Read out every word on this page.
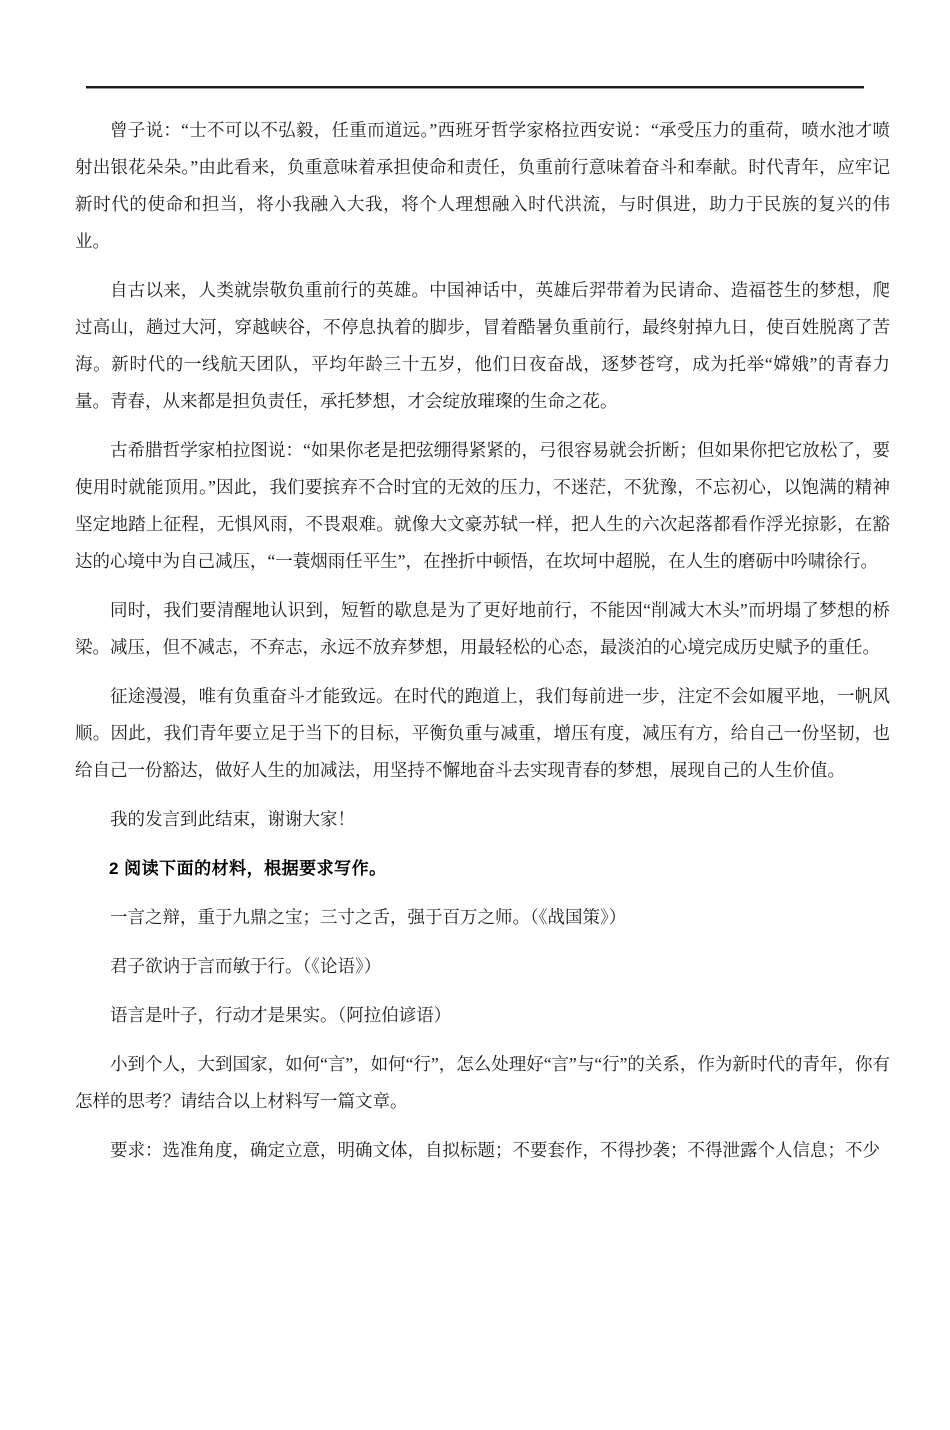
曾子说：“士不可以不弘毅，任重而道远。”西班牙哲学家格拉西安说：“承受压力的重荷，喷水池才喷射出银花朵朵。”由此看来，负重意味着承担使命和责任，负重前行意味着奋斗和奉献。时代青年，应牢记新时代的使命和担当，将小我融入大我，将个人理想融入时代洪流，与时俱进，助力于民族的复兴的伟业。

自古以来，人类就崇敬负重前行的英雄。中国神话中，英雄后羿带着为民请命、造福苍生的梦想，爬过高山，趟过大河，穿越峡谷，不停息执着的脚步，冒着酷暑负重前行，最终射掉九日，使百姓脱离了苦海。新时代的一线航天团队，平均年龄三十五岁，他们日夜奋战，逐梦苍穹，成为托举“嫦娥”的青春力量。青春，从来都是担负责任，承托梦想，才会绽放璀璨的生命之花。

古希腊哲学家柏拉图说：“如果你老是把弦绷得紧紧的，弓很容易就会折断；但如果你把它放松了，要使用时就能顶用。”因此，我们要摈弃不合时宜的无效的压力，不迷茫，不犹豫，不忘初心，以饱满的精神坚定地踏上征程，无惧风雨，不畏艰难。就像大文豪苏轼一样，把人生的六次起落都看作浮光掠影，在豁达的心境中为自己减压，“一蓑烟雨任平生”，在挫折中顿悟，在坎坷中超脱，在人生的磨砺中吟啸徐行。

同时，我们要清醒地认识到，短暂的歇息是为了更好地前行，不能因“削减大木头”而坍塌了梦想的桥梁。减压，但不减志，不弃志，永远不放弃梦想，用最轻松的心态，最淡泊的心境完成历史赋予的重任。

征途漫漫，唯有负重奋斗才能致远。在时代的跑道上，我们每前进一步，注定不会如履平地，一帆风顺。因此，我们青年要立足于当下的目标，平衡负重与减重，增压有度，减压有方，给自己一份坚韧，也给自己一份豁达，做好人生的加减法，用坚持不懈地奋斗去实现青春的梦想，展现自己的人生价值。

我的发言到此结束，谢谢大家！

2 阅读下面的材料，根据要求写作。

一言之辩，重于九鼎之宝；三寸之舌，强于百万之师。（《战国策》）

君子欲讷于言而敏于行。（《论语》）

语言是叶子，行动才是果实。（阿拉伯谚语）

小到个人，大到国家，如何“言”，如何“行”，怎么处理好“言”与“行”的关系，作为新时代的青年，你有怎样的思考？请结合以上材料写一篇文章。

要求：选准角度，确定立意，明确文体，自拟标题；不要套作，不得抄袭；不得泄露个人信息；不少
